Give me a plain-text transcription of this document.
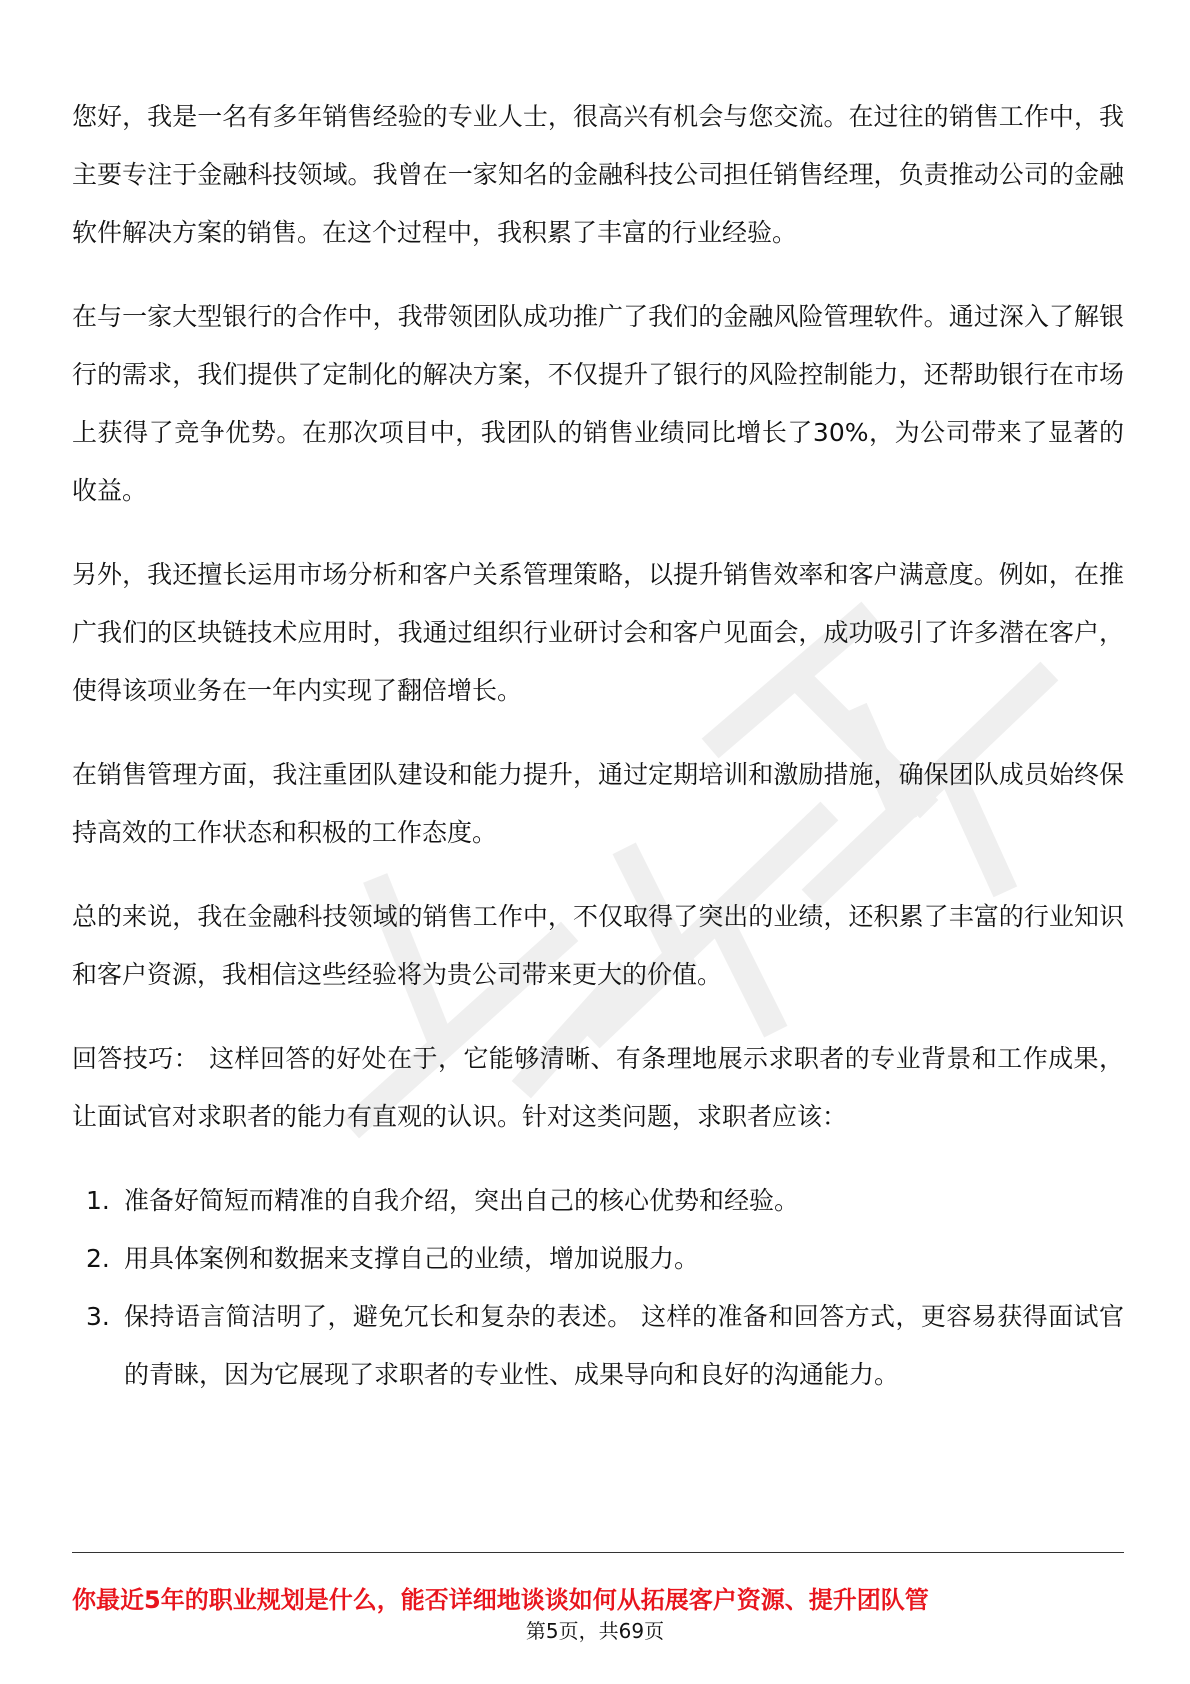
您好，我是一名有多年销售经验的专业人士，很高兴有机会与您交流。在过往的销售工作中，我主要专注于金融科技领域。我曾在一家知名的金融科技公司担任销售经理，负责推动公司的金融软件解决方案的销售。在这个过程中，我积累了丰富的行业经验。

在与一家大型银行的合作中，我带领团队成功推广了我们的金融风险管理软件。通过深入了解银行的需求，我们提供了定制化的解决方案，不仅提升了银行的风险控制能力，还帮助银行在市场上获得了竞争优势。在那次项目中，我团队的销售业绩同比增长了30%，为公司带来了显著的收益。

另外，我还擅长运用市场分析和客户关系管理策略，以提升销售效率和客户满意度。例如，在推广我们的区块链技术应用时，我通过组织行业研讨会和客户见面会，成功吸引了许多潜在客户，使得该项业务在一年内实现了翻倍增长。

在销售管理方面，我注重团队建设和能力提升，通过定期培训和激励措施，确保团队成员始终保持高效的工作状态和积极的工作态度。

总的来说，我在金融科技领域的销售工作中，不仅取得了突出的业绩，还积累了丰富的行业知识和客户资源，我相信这些经验将为贵公司带来更大的价值。

回答技巧： 这样回答的好处在于，它能够清晰、有条理地展示求职者的专业背景和工作成果，让面试官对求职者的能力有直观的认识。针对这类问题，求职者应该：

1. 准备好简短而精准的自我介绍，突出自己的核心优势和经验。
2. 用具体案例和数据来支撑自己的业绩，增加说服力。
3. 保持语言简洁明了，避免冗长和复杂的表述。 这样的准备和回答方式，更容易获得面试官的青睐，因为它展现了求职者的专业性、成果导向和良好的沟通能力。
你最近5年的职业规划是什么，能否详细地谈谈如何从拓展客户资源、提升团队管
第5页，共69页
